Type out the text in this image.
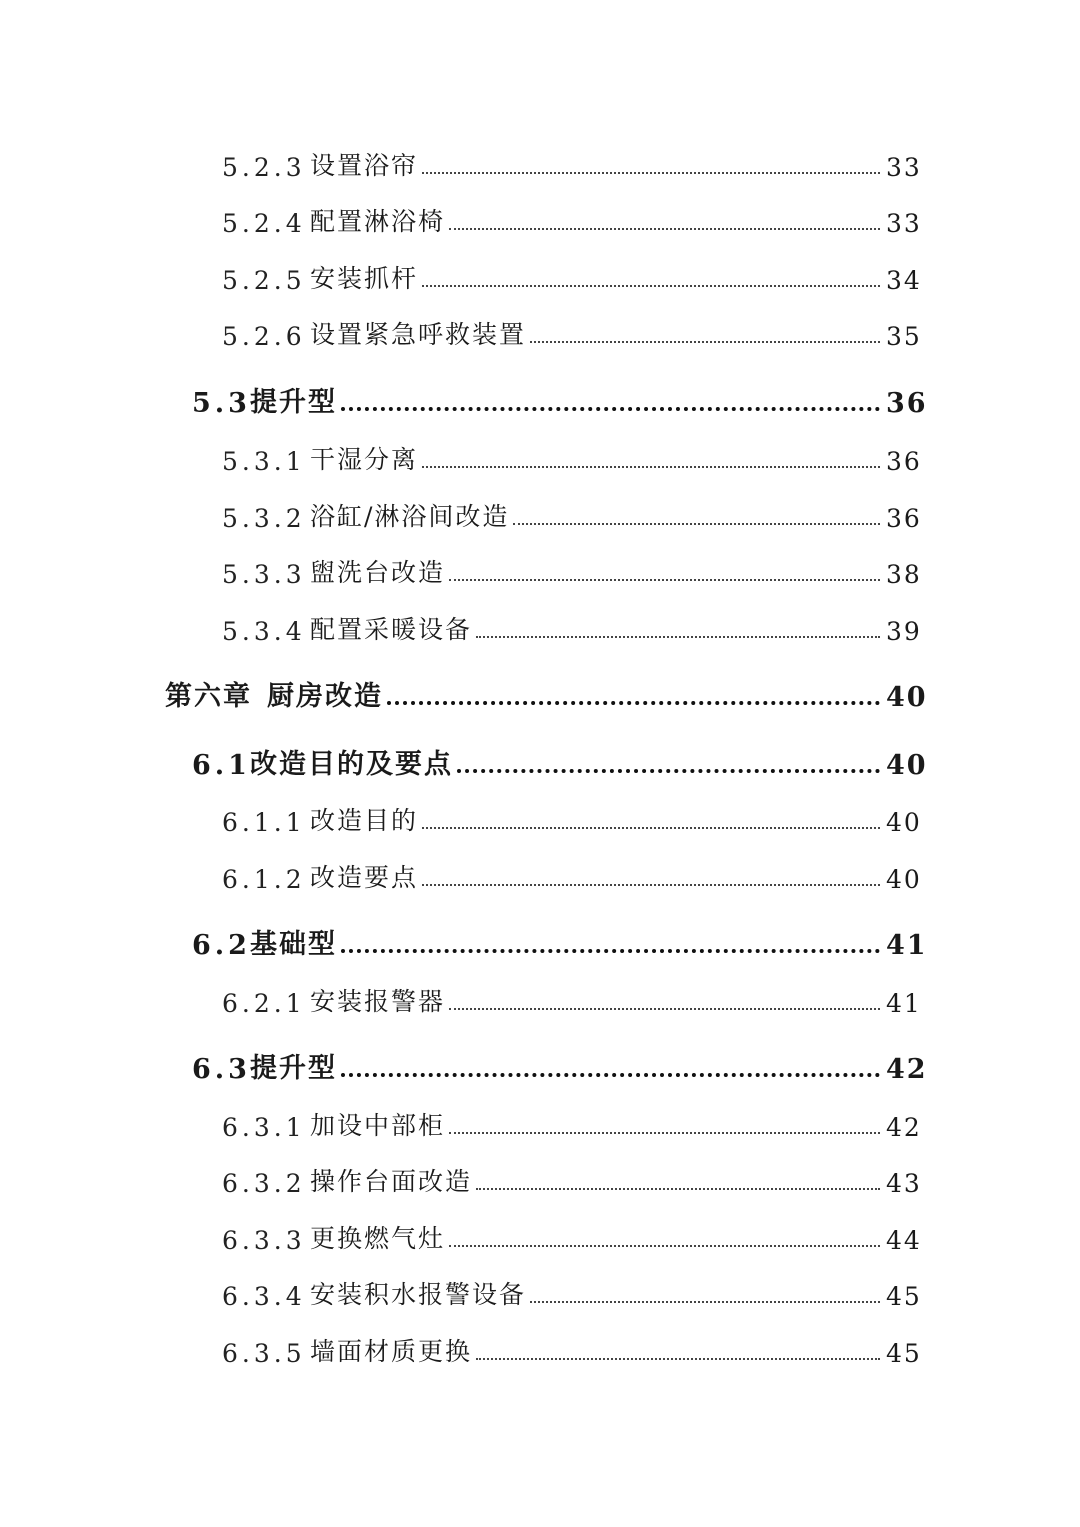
5.2.3 设置浴帘	33
5.2.4 配置淋浴椅	33
5.2.5 安装抓杆	34
5.2.6 设置紧急呼救装置	35
5.3 提升型	36
5.3.1 干湿分离	36
5.3.2 浴缸/淋浴间改造	36
5.3.3 盥洗台改造	38
5.3.4 配置采暖设备	39
第六章 厨房改造	40
6.1 改造目的及要点	40
6.1.1 改造目的	40
6.1.2 改造要点	40
6.2 基础型	41
6.2.1 安装报警器	41
6.3 提升型	42
6.3.1 加设中部柜	42
6.3.2 操作台面改造	43
6.3.3 更换燃气灶	44
6.3.4 安装积水报警设备	45
6.3.5 墙面材质更换	45
